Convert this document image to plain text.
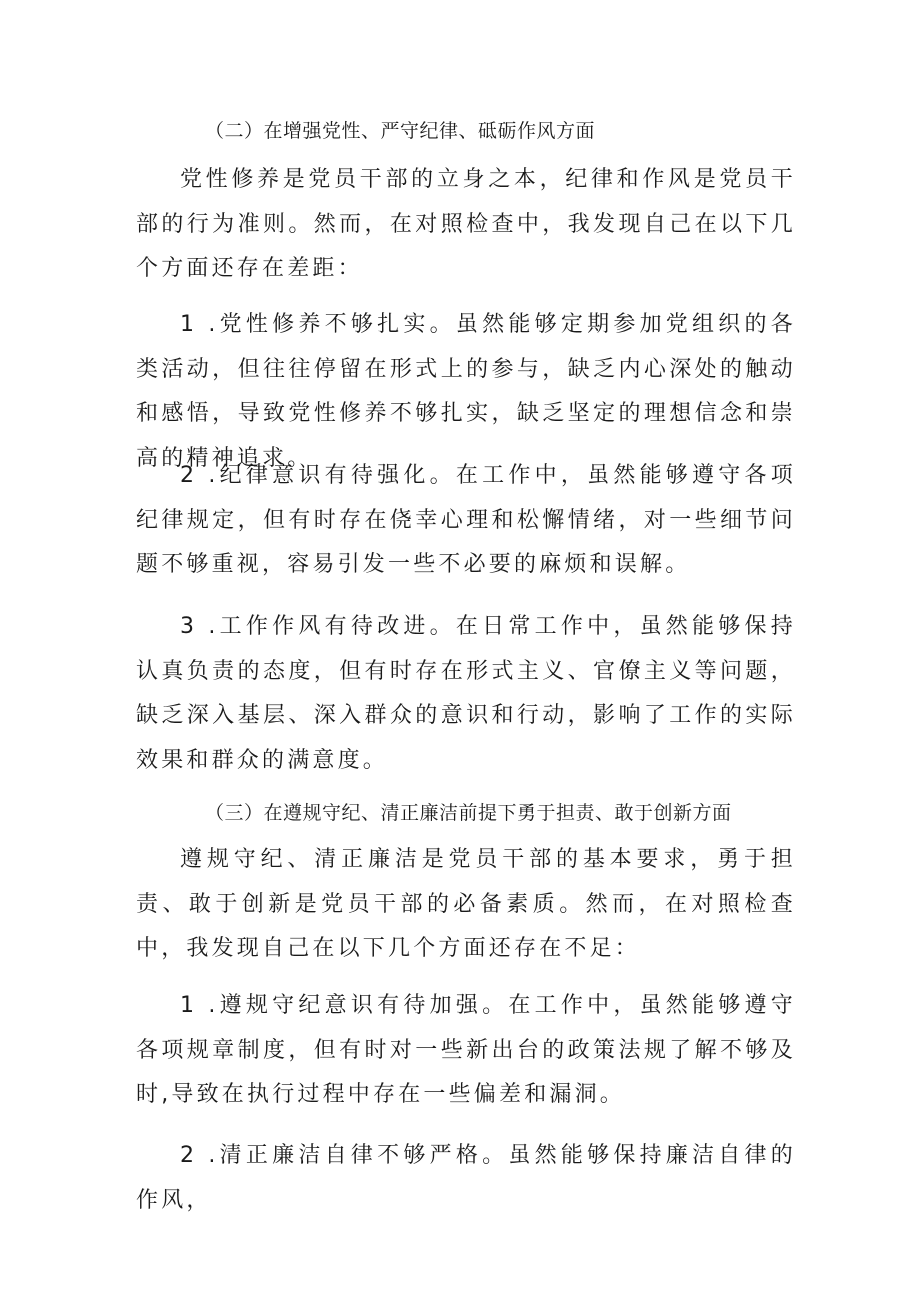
（二）在增强党性、严守纪律、砥砺作风方面

党性修养是党员干部的立身之本，纪律和作风是党员干部的行为准则。然而，在对照检查中，我发现自己在以下几个方面还存在差距：

1 .党性修养不够扎实。虽然能够定期参加党组织的各类活动，但往往停留在形式上的参与，缺乏内心深处的触动和感悟，导致党性修养不够扎实，缺乏坚定的理想信念和崇高的精神追求。

2 .纪律意识有待强化。在工作中，虽然能够遵守各项纪律规定，但有时存在侥幸心理和松懈情绪，对一些细节问题不够重视，容易引发一些不必要的麻烦和误解。

3 .工作作风有待改进。在日常工作中，虽然能够保持认真负责的态度，但有时存在形式主义、官僚主义等问题，缺乏深入基层、深入群众的意识和行动，影响了工作的实际效果和群众的满意度。

（三）在遵规守纪、清正廉洁前提下勇于担责、敢于创新方面

遵规守纪、清正廉洁是党员干部的基本要求，勇于担责、敢于创新是党员干部的必备素质。然而，在对照检查中，我发现自己在以下几个方面还存在不足：

1 .遵规守纪意识有待加强。在工作中，虽然能够遵守各项规章制度，但有时对一些新出台的政策法规了解不够及时,导致在执行过程中存在一些偏差和漏洞。

2 .清正廉洁自律不够严格。虽然能够保持廉洁自律的作风，
